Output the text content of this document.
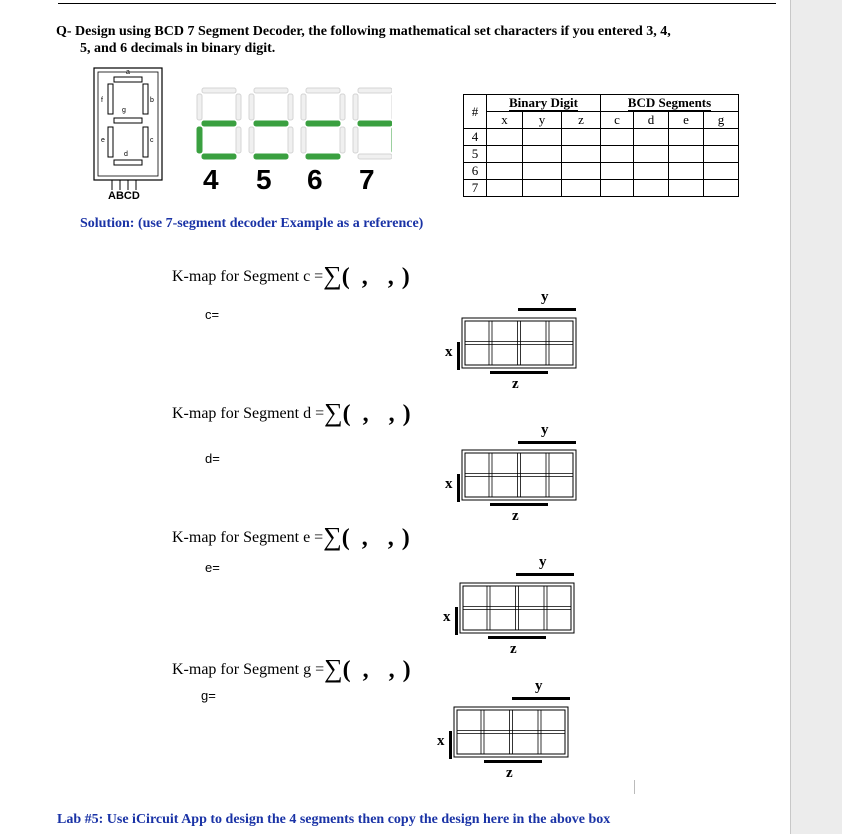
Q- Design using BCD 7 Segment Decoder, the following mathematical set characters if you entered 3, 4,
5, and 6 decimals in binary digit.
a
f	b
g
e	c
d
ABCD
4 5 6 7
#	Binary Digit			BCD Segments			
	x	y	z	c	d	e	g
4							
5							
6							
7							
Solution: (use 7-segment decoder Example as a reference)
K-map for Segment c =∑( , , )
c=
y
x
z
K-map for Segment d =∑( , , )
d=
y
x
z
K-map for Segment e =∑( , , )
e=	y
x
z
K-map for Segment g =∑( , , )
g=
y
x
z
Lab #5: Use iCircuit App to design the 4 segments then copy the design here in the above box
